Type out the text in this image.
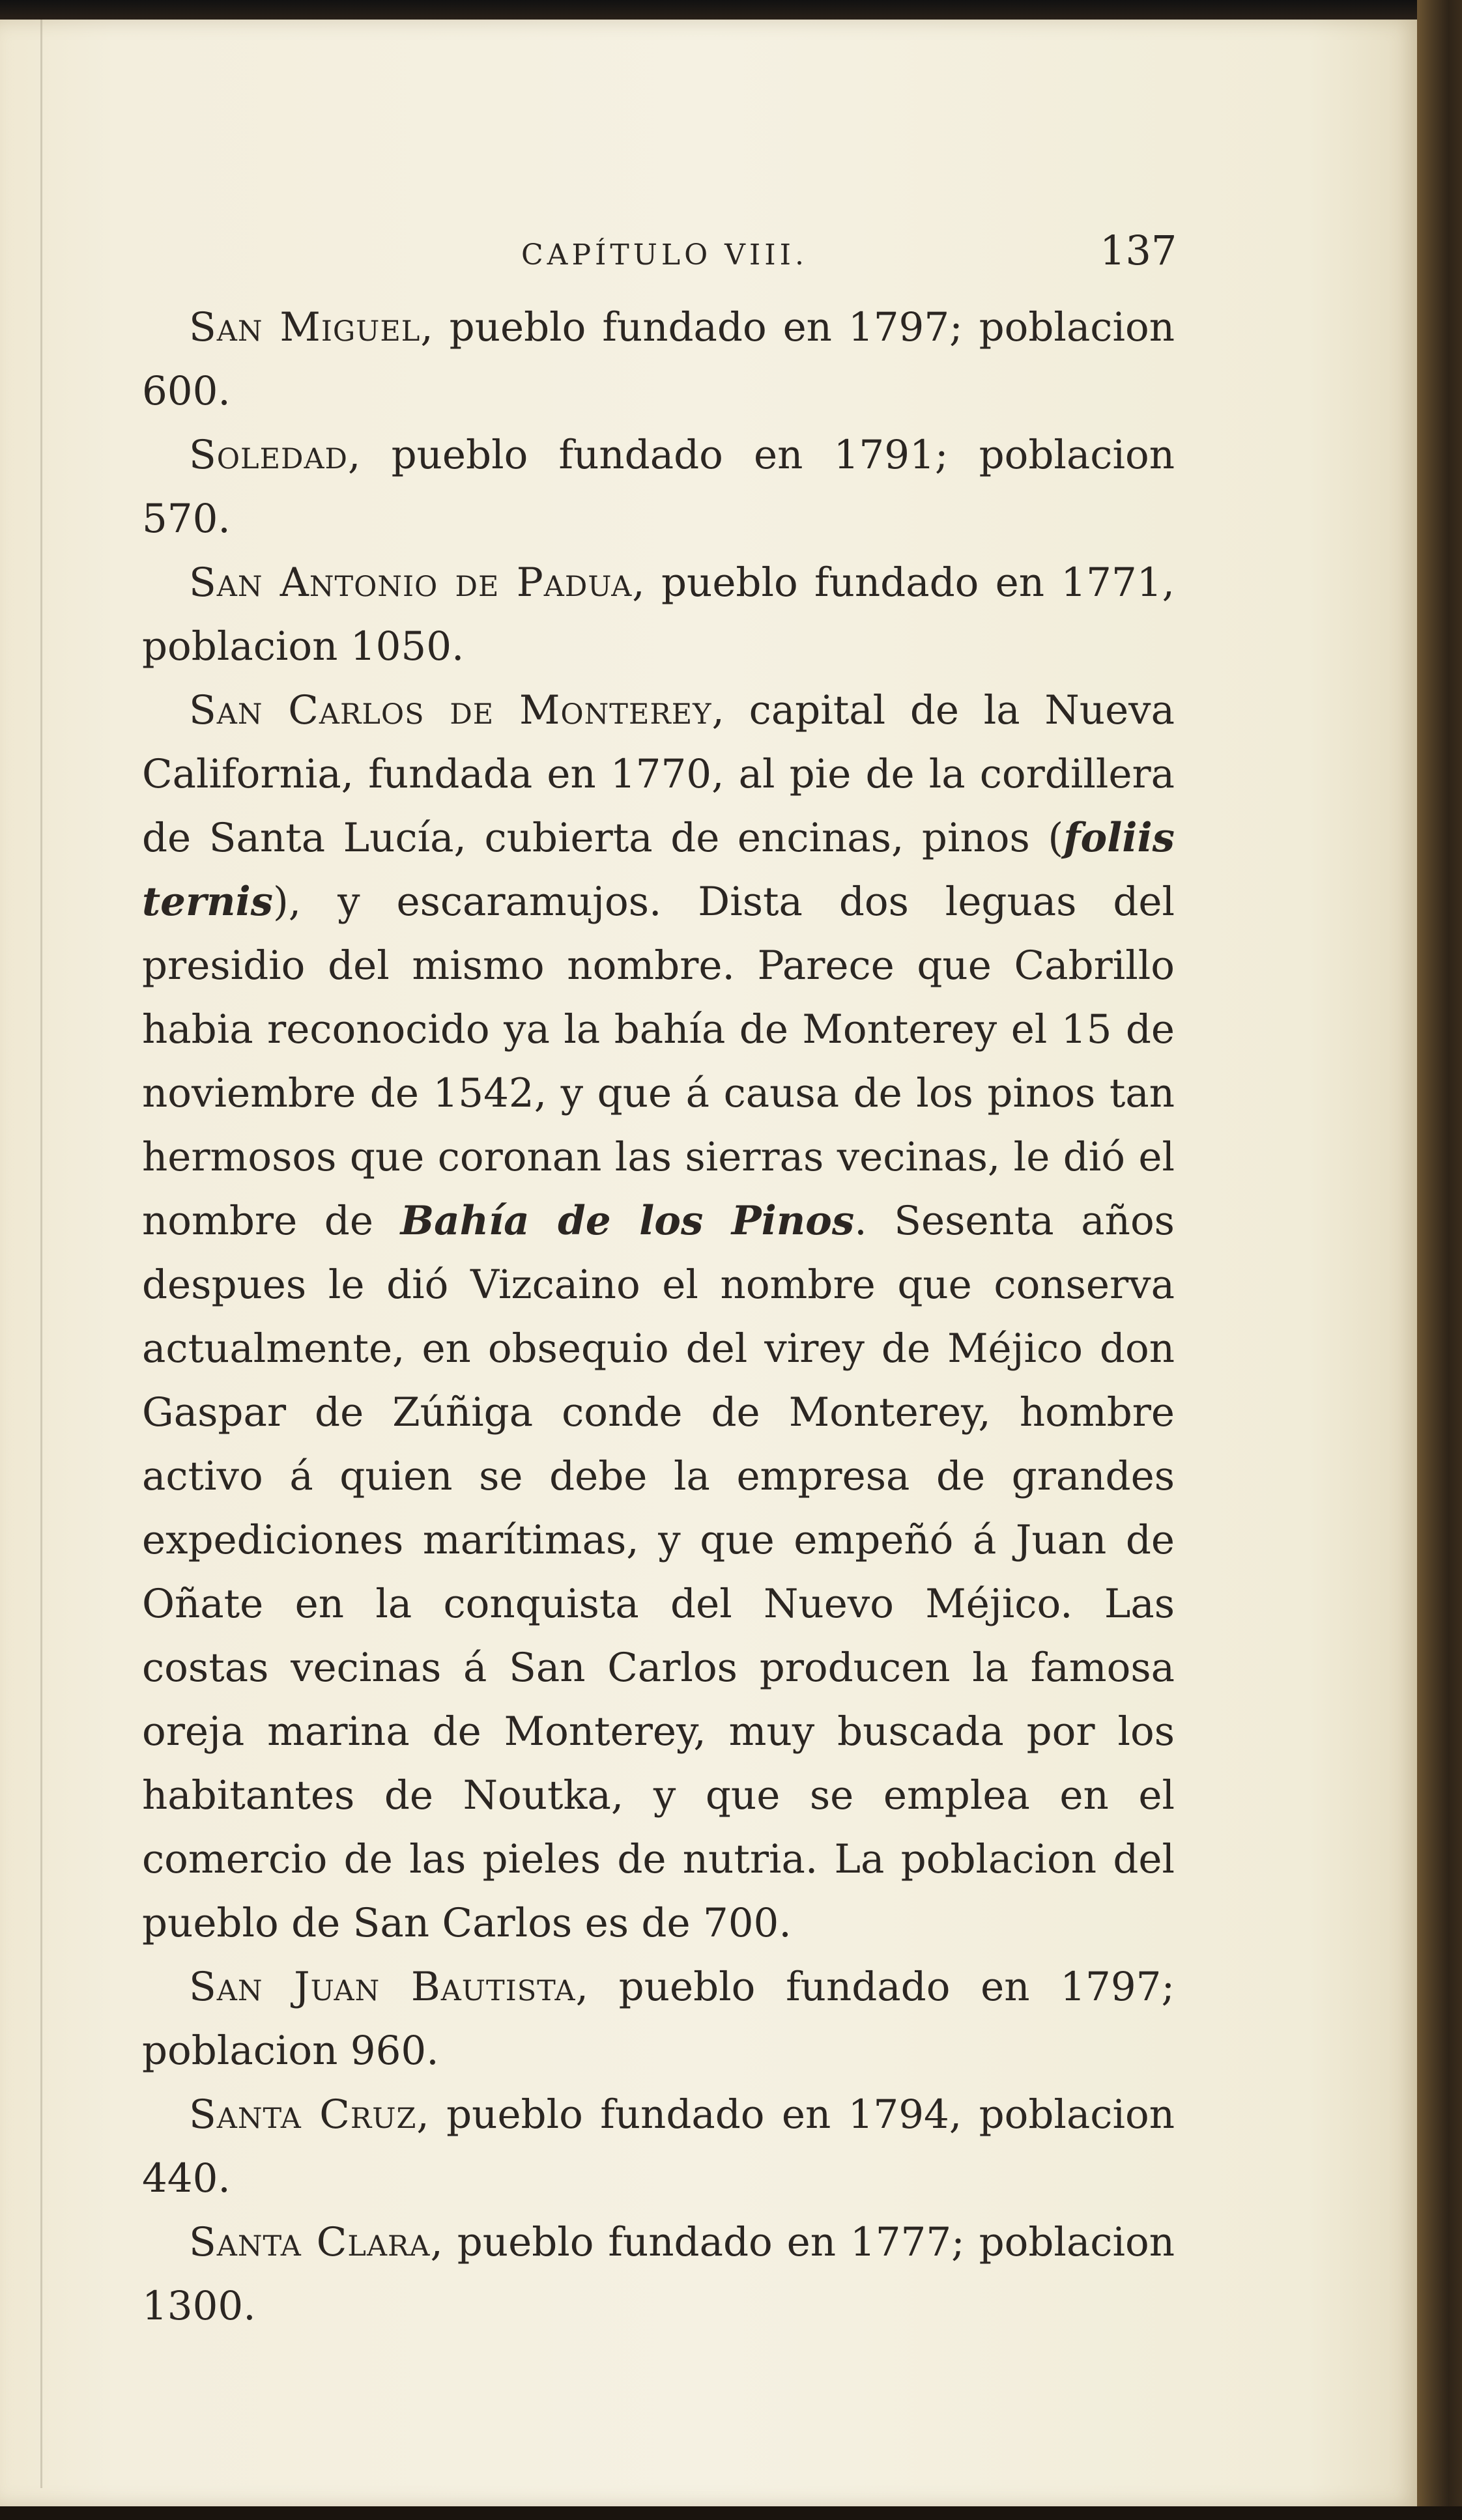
CAPÍTULO VIII.	137

San Miguel, pueblo fundado en 1797; poblacion 600.

Soledad, pueblo fundado en 1791; poblacion 570.

San Antonio de Padua, pueblo fundado en 1771, poblacion 1050.

San Carlos de Monterey, capital de la Nueva California, fundada en 1770, al pie de la cordillera de Santa Lucía, cubierta de encinas, pinos (foliis ternis), y escaramujos. Dista dos leguas del presidio del mismo nombre. Parece que Cabrillo habia reconocido ya la bahía de Monterey el 15 de noviembre de 1542, y que á causa de los pinos tan hermosos que coronan las sierras vecinas, le dió el nombre de Bahía de los Pinos. Sesenta años despues le dió Vizcaino el nombre que conserva actualmente, en obsequio del virey de Méjico don Gaspar de Zúñiga conde de Monterey, hombre activo á quien se debe la empresa de grandes expediciones marítimas, y que empeñó á Juan de Oñate en la conquista del Nuevo Méjico. Las costas vecinas á San Carlos producen la famosa oreja marina de Monterey, muy buscada por los habitantes de Noutka, y que se emplea en el comercio de las pieles de nutria. La poblacion del pueblo de San Carlos es de 700.

San Juan Bautista, pueblo fundado en 1797; poblacion 960.

Santa Cruz, pueblo fundado en 1794, poblacion 440.

Santa Clara, pueblo fundado en 1777; poblacion 1300.
